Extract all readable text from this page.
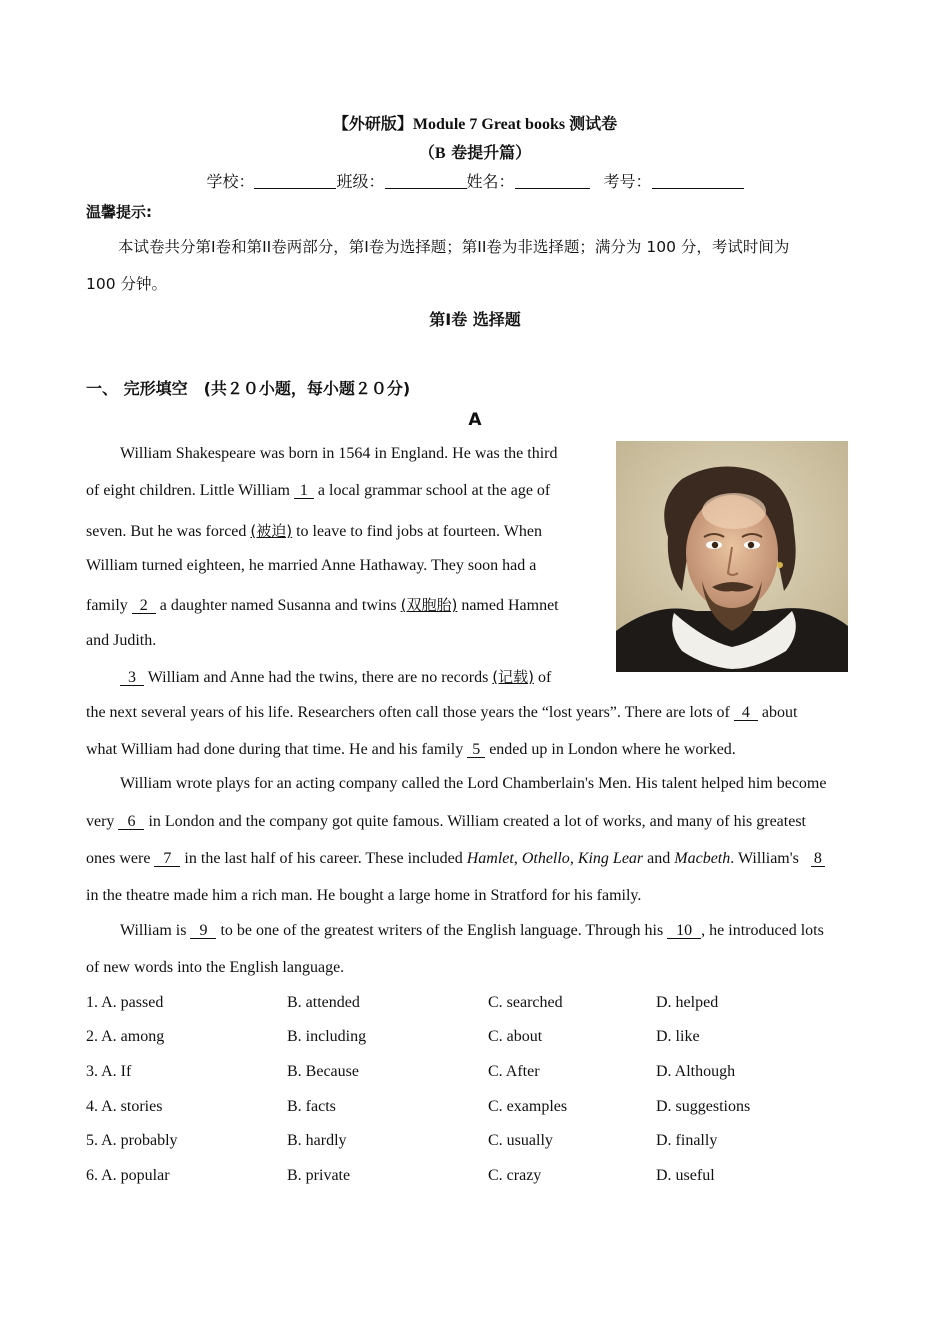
【外研版】Module 7 Great books 测试卷
（B 卷提升篇）
学校：	班级：	姓名：	考号：
温馨提示:
本试卷共分第I卷和第II卷两部分，第I卷为选择题；第II卷为非选择题；满分为 100 分，考试时间为
100 分钟。
第I卷 选择题
一、 完形填空　(共２０小题，每小题２０分)
A
William Shakespeare was born in 1564 in England. He was the third
of eight children. Little William 1 a local grammar school at the age of
seven. But he was forced (被迫) to leave to find jobs at fourteen. When
William turned eighteen, he married Anne Hathaway. They soon had a
family 2 a daughter named Susanna and twins (双胞胎) named Hamnet
and Judith.
3 William and Anne had the twins, there are no records (记载) of
the next several years of his life. Researchers often call those years the “lost years”. There are lots of 4 about
what William had done during that time. He and his family 5 ended up in London where he worked.
William wrote plays for an acting company called the Lord Chamberlain's Men. His talent helped him become
very 6 in London and the company got quite famous. William created a lot of works, and many of his greatest
ones were 7 in the last half of his career. These included Hamlet, Othello, King Lear and Macbeth. William's 8
in the theatre made him a rich man. He bought a large home in Stratford for his family.
William is 9 to be one of the greatest writers of the English language. Through his 10 , he introduced lots
of new words into the English language.
1. A. passed	B. attended	C. searched	D. helped
2. A. among	B. including	C. about	D. like
3. A. If	B. Because	C. After	D. Although
4. A. stories	B. facts	C. examples	D. suggestions
5. A. probably	B. hardly	C. usually	D. finally
6. A. popular	B. private	C. crazy	D. useful
